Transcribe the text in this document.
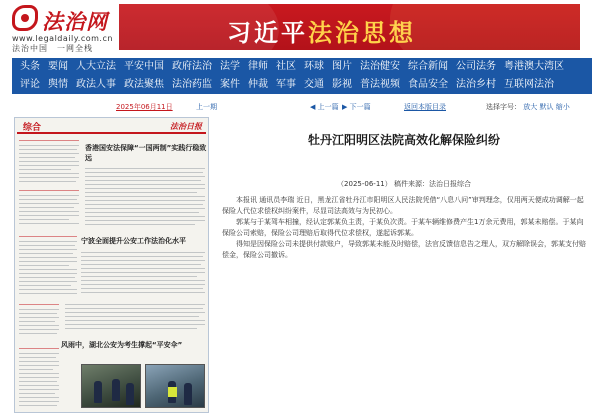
法治网
www.legaldaily.com.cn
法治中国　一网全栈
习近平法治思想
头条 要闻 人大立法 平安中国 政府法治 法学 律师 社区 环球 图片 法治健安 综合新闻 公司法务 粤港澳大湾区
评论 舆情 政法人事 政法聚焦 法治药监 案件 仲裁 军事 交通 影视 普法视频 食品安全 法治乡村 互联网法治
2025年06月11日	上一期	◀ 上一篇 ▶ 下一篇	返回本版目录	选择字号： 放大 默认 缩小
综合	法治日报
香港国安法保障“一国两制”实践行稳致远
宁波全面提升公安工作法治化水平
风雨中，湖北公安为考生撑起“平安伞”
牡丹江阳明区法院高效化解保险纠纷
（2025-06-11） 稿件来源：法治日报综合

本报讯 通讯员李瑞 近日，黑龙江省牡丹江市阳明区人民法院凭借“八息八问”审判理念，仅用两天便成功调解一起保险人代位求偿权纠纷案件，尽显司法高效与为民初心。

郭某与于某驾车相撞，经认定郭某负主责，于某负次责。于某车辆维修费产生1万余元费用，郭某未赔偿。于某向保险公司索赔，保险公司理赔后取得代位求偿权，遂起诉郭某。

得知是因保险公司未提供付款账户，导致郭某未能及时赔偿，法官反馈信息告之理人，双方解除误会，郭某支付赔偿金，保险公司撤诉。
